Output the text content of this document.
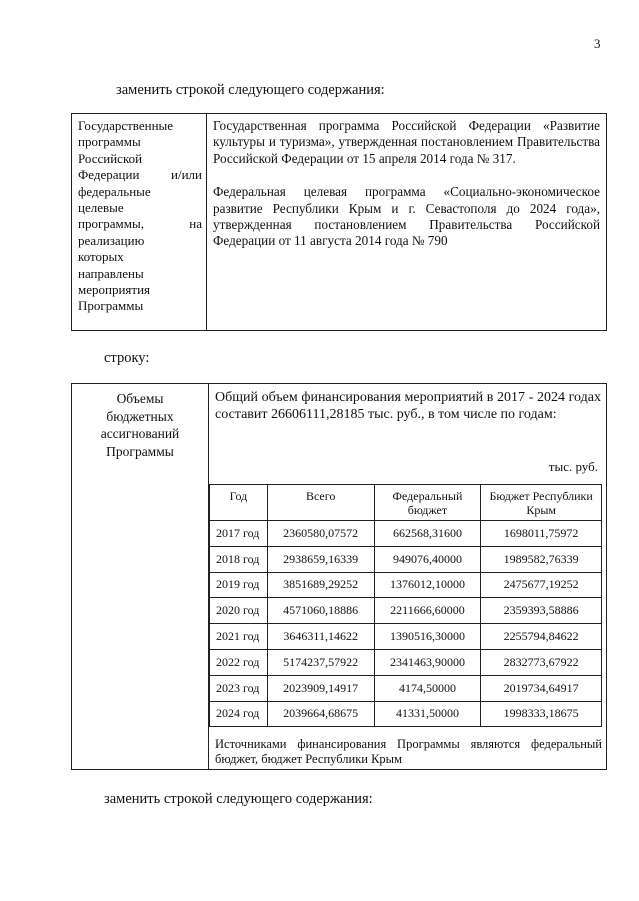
3
заменить строкой следующего содержания:
Государственные
программы
Российской
Федерации и/или
федеральные
целевые
программы,	на
реализацию
которых
направлены
мероприятия
Программы

Государственная программа Российской Федерации «Развитие культуры и туризма», утвержденная постановлением Правительства Российской Федерации от 15 апреля 2014 года № 317.

Федеральная целевая программа «Социально-экономическое развитие Республики Крым и г. Севастополя до 2024 года», утвержденная постановлением Правительства Российской Федерации от 11 августа 2014 года № 790

строку:
Объемы
бюджетных
ассигнований
Программы
Общий объем финансирования мероприятий в 2017 - 2024 годах составит 26606111,28185 тыс. руб., в том числе по годам:
тыс. руб.
Год	Всего	Федеральный бюджет	Бюджет Республики Крым
2017 год	2360580,07572	662568,31600	1698011,75972
2018 год	2938659,16339	949076,40000	1989582,76339
2019 год	3851689,29252	1376012,10000	2475677,19252
2020 год	4571060,18886	2211666,60000	2359393,58886
2021 год	3646311,14622	1390516,30000	2255794,84622
2022 год	5174237,57922	2341463,90000	2832773,67922
2023 год	2023909,14917	4174,50000	2019734,64917
2024 год	2039664,68675	41331,50000	1998333,18675
Источниками финансирования Программы являются федеральный бюджет, бюджет Республики Крым
заменить строкой следующего содержания:
